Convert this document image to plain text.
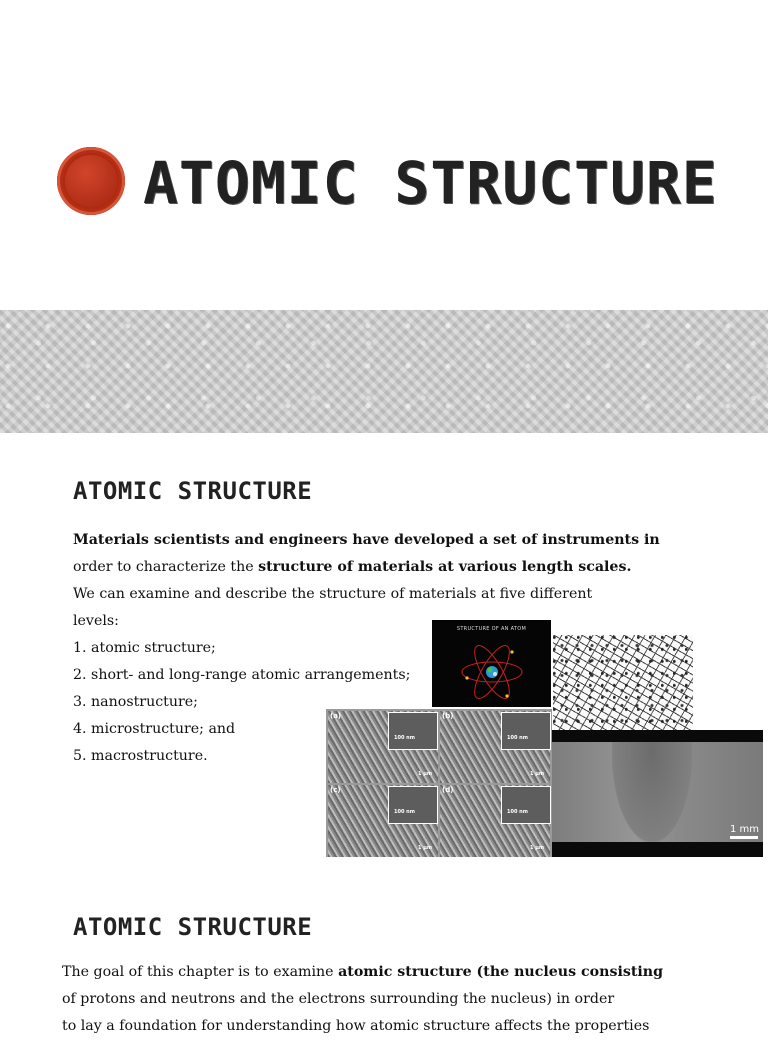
ATOMIC STRUCTURE
ATOMIC STRUCTURE
Materials scientists and engineers have developed a set of instruments in
order to characterize the structure of materials at various length scales.
We can examine and describe the structure of materials at five different
levels:
1. atomic structure;
2. short- and long-range atomic arrangements;
3. nanostructure;
4. microstructure; and
5. macrostructure.
STRUCTURE OF AN ATOM
(a)	(b)
(c)	(d)
100 nm	100 nm
100 nm	100 nm
1 µm	1 µm
1 µm	1 µm
1 mm
ATOMIC STRUCTURE
The goal of this chapter is to examine atomic structure (the nucleus consisting
of protons and neutrons and the electrons surrounding the nucleus) in order
to lay a foundation for understanding how atomic structure affects the properties
